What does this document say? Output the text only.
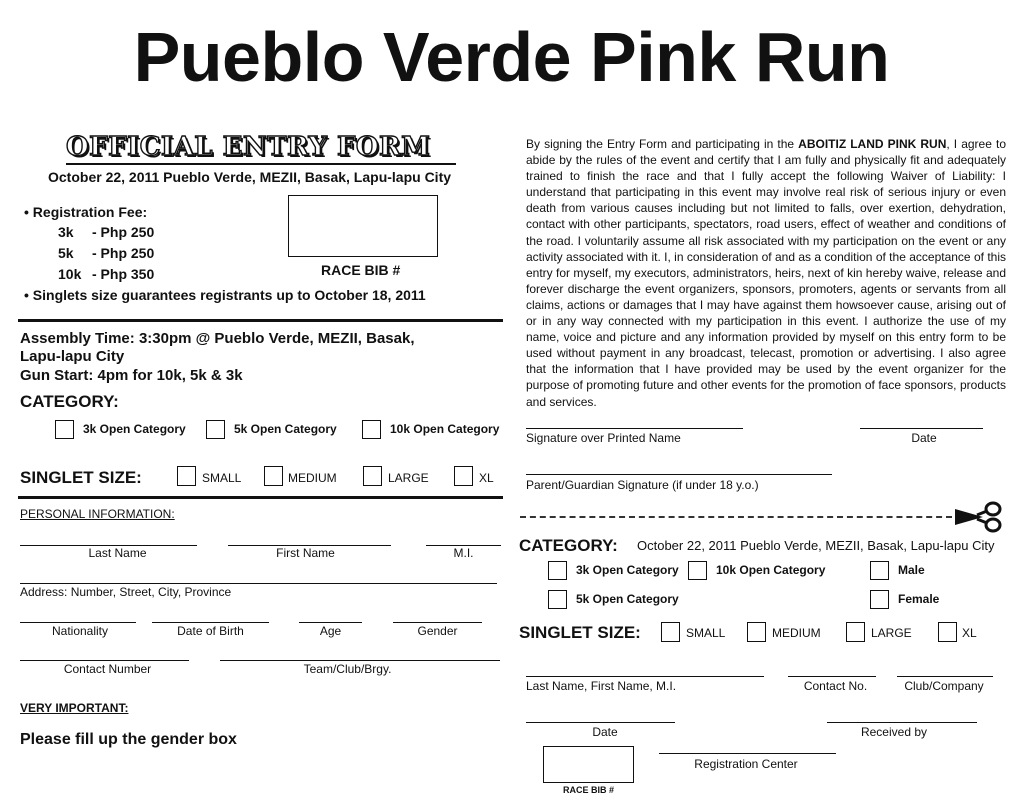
Pueblo Verde Pink Run
OFFICIAL ENTRY FORM
October 22, 2011 Pueblo Verde, MEZII, Basak, Lapu-lapu City
• Registration Fee:
3k - Php 250
5k - Php 250
10k - Php 350	RACE BIB #
• Singlets size guarantees registrants up to October 18, 2011
Assembly Time: 3:30pm @ Pueblo Verde, MEZII, Basak,
Lapu-lapu City
Gun Start: 4pm for 10k, 5k & 3k
CATEGORY:
3k Open Category	5k Open Category	10k Open Category
SINGLET SIZE:	SMALL	MEDIUM	LARGE	XL
PERSONAL INFORMATION:
Last Name	First Name	M.I.
Address: Number, Street, City, Province
Nationality	Date of Birth	Age	Gender
Contact Number	Team/Club/Brgy.
VERY IMPORTANT:
Please fill up the gender box
By signing the Entry Form and participating in the ABOITIZ LAND PINK RUN, I agree to abide by the rules of the event and certify that I am fully and physically fit and adequately trained to finish the race and that I fully accept the following Waiver of Liability: I understand that participating in this event may involve real risk of serious injury or even death from various causes including but not limited to falls, over exertion, dehydration, contact with other participants, spectators, road users, effect of weather and conditions of the road. I voluntarily assume all risk associated with my participation on the event or any activity associated with it. I, in consideration of and as a condition of the acceptance of this entry for myself, my executors, administrators, heirs, next of kin hereby waive, release and forever discharge the event organizers, sponsors, promoters, agents or servants from all claims, actions or damages that I may have against them howsoever cause, arising out of or in any way connected with my participation in this event. I authorize the use of my name, voice and picture and any information provided by myself on this entry form to be used without payment in any broadcast, telecast, promotion or advertising. I also agree that the information that I have provided may be used by the event organizer for the purpose of promoting future and other events for the promotion of face sponsors, products and services.
Signature over Printed Name	Date
Parent/Guardian Signature (if under 18 y.o.)
CATEGORY: October 22, 2011 Pueblo Verde, MEZII, Basak, Lapu-lapu City
3k Open Category	10k Open Category	Male
5k Open Category	Female
SINGLET SIZE:	SMALL	MEDIUM	LARGE	XL
Last Name, First Name, M.I.	Contact No.	Club/Company
Date	Received by
RACE BIB #
Registration Center
